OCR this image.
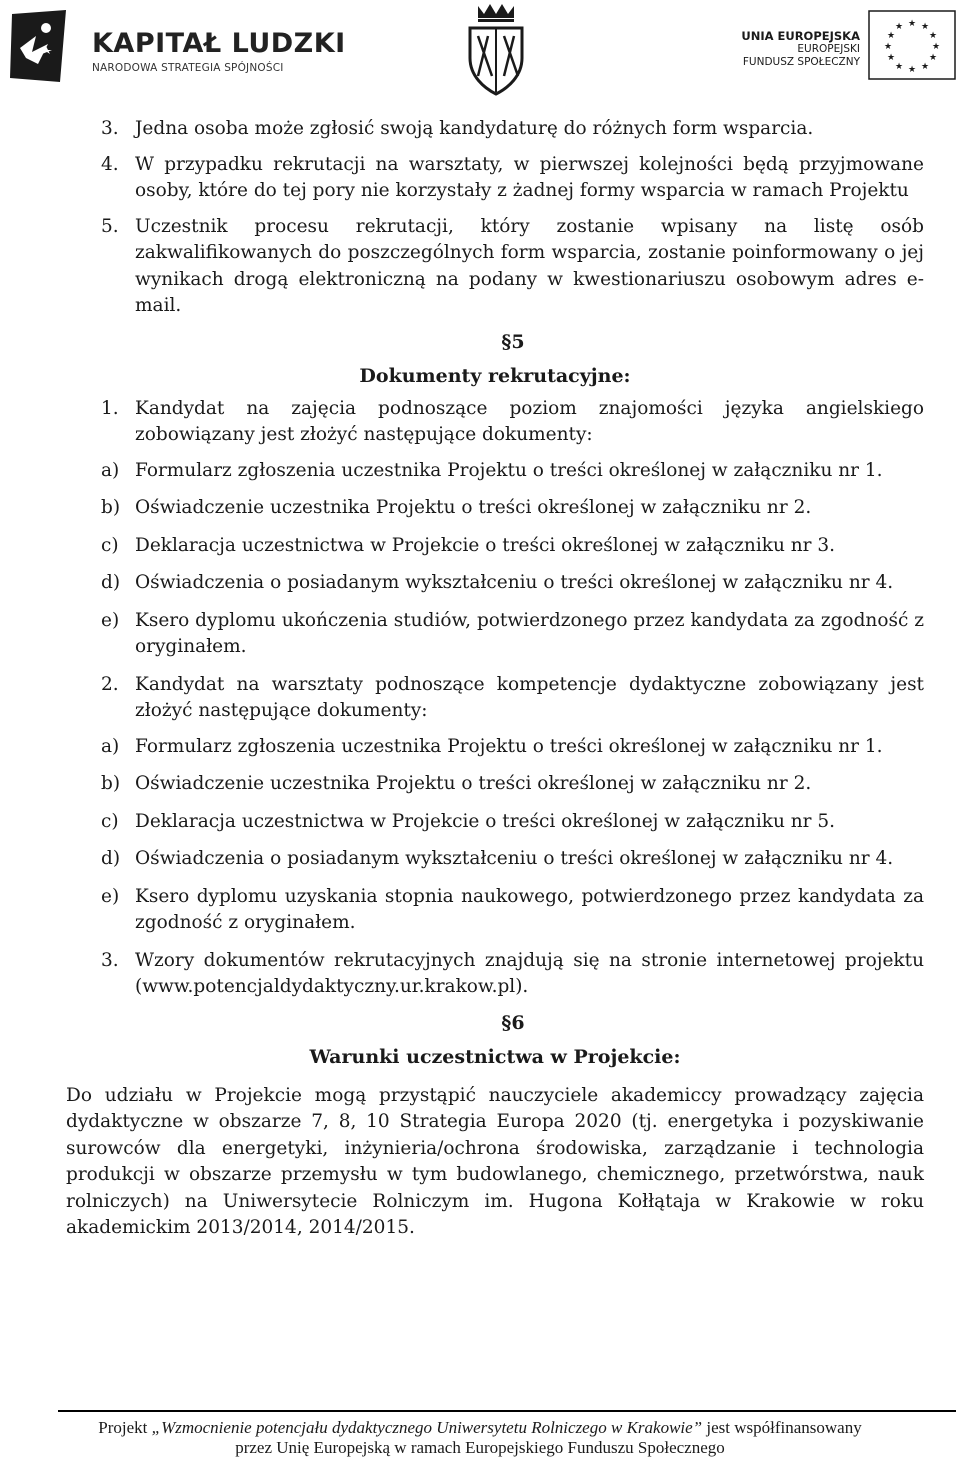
KAPITAŁ LUDZKI
NARODOWA STRATEGIA SPÓJNOŚCI
UNIA EUROPEJSKA
EUROPEJSKI
FUNDUSZ SPOŁECZNY
★ ★
★
★
★
★
★
★
★
★
★
★
3. Jedna osoba może zgłosić swoją kandydaturę do różnych form wsparcia.
4. W przypadku rekrutacji na warsztaty, w pierwszej kolejności będą przyjmowane osoby, które do tej pory nie korzystały z żadnej formy wsparcia w ramach Projektu
5. Uczestnik procesu rekrutacji, który zostanie wpisany na listę osób zakwalifikowanych do poszczególnych form wsparcia, zostanie poinformowany o jej wynikach drogą elektroniczną na podany w kwestionariuszu osobowym adres e-mail.
§5
Dokumenty rekrutacyjne:
1. Kandydat na zajęcia podnoszące poziom znajomości języka angielskiego zobowiązany jest złożyć następujące dokumenty:
a) Formularz zgłoszenia uczestnika Projektu o treści określonej w załączniku nr 1.
b) Oświadczenie uczestnika Projektu o treści określonej w załączniku nr 2.
c) Deklaracja uczestnictwa w Projekcie o treści określonej w załączniku nr 3.
d) Oświadczenia o posiadanym wykształceniu o treści określonej w załączniku nr 4.
e) Ksero dyplomu ukończenia studiów, potwierdzonego przez kandydata za zgodność z oryginałem.
2. Kandydat na warsztaty podnoszące kompetencje dydaktyczne zobowiązany jest złożyć następujące dokumenty:
a) Formularz zgłoszenia uczestnika Projektu o treści określonej w załączniku nr 1.
b) Oświadczenie uczestnika Projektu o treści określonej w załączniku nr 2.
c) Deklaracja uczestnictwa w Projekcie o treści określonej w załączniku nr 5.
d) Oświadczenia o posiadanym wykształceniu o treści określonej w załączniku nr 4.
e) Ksero dyplomu uzyskania stopnia naukowego, potwierdzonego przez kandydata za zgodność z oryginałem.
3. Wzory dokumentów rekrutacyjnych znajdują się na stronie internetowej projektu (www.potencjaldydaktyczny.ur.krakow.pl).
§6
Warunki uczestnictwa w Projekcie:
Do udziału w Projekcie mogą przystąpić nauczyciele akademiccy prowadzący zajęcia dydaktyczne w obszarze 7, 8, 10 Strategia Europa 2020 (tj. energetyka i pozyskiwanie surowców dla energetyki, inżynieria/ochrona środowiska, zarządzanie i technologia produkcji w obszarze przemysłu w tym budowlanego, chemicznego, przetwórstwa, nauk rolniczych) na Uniwersytecie Rolniczym im. Hugona Kołłątaja w Krakowie w roku akademickim 2013/2014, 2014/2015.
Projekt „Wzmocnienie potencjału dydaktycznego Uniwersytetu Rolniczego w Krakowie” jest współfinansowany
przez Unię Europejską w ramach Europejskiego Funduszu Społecznego
